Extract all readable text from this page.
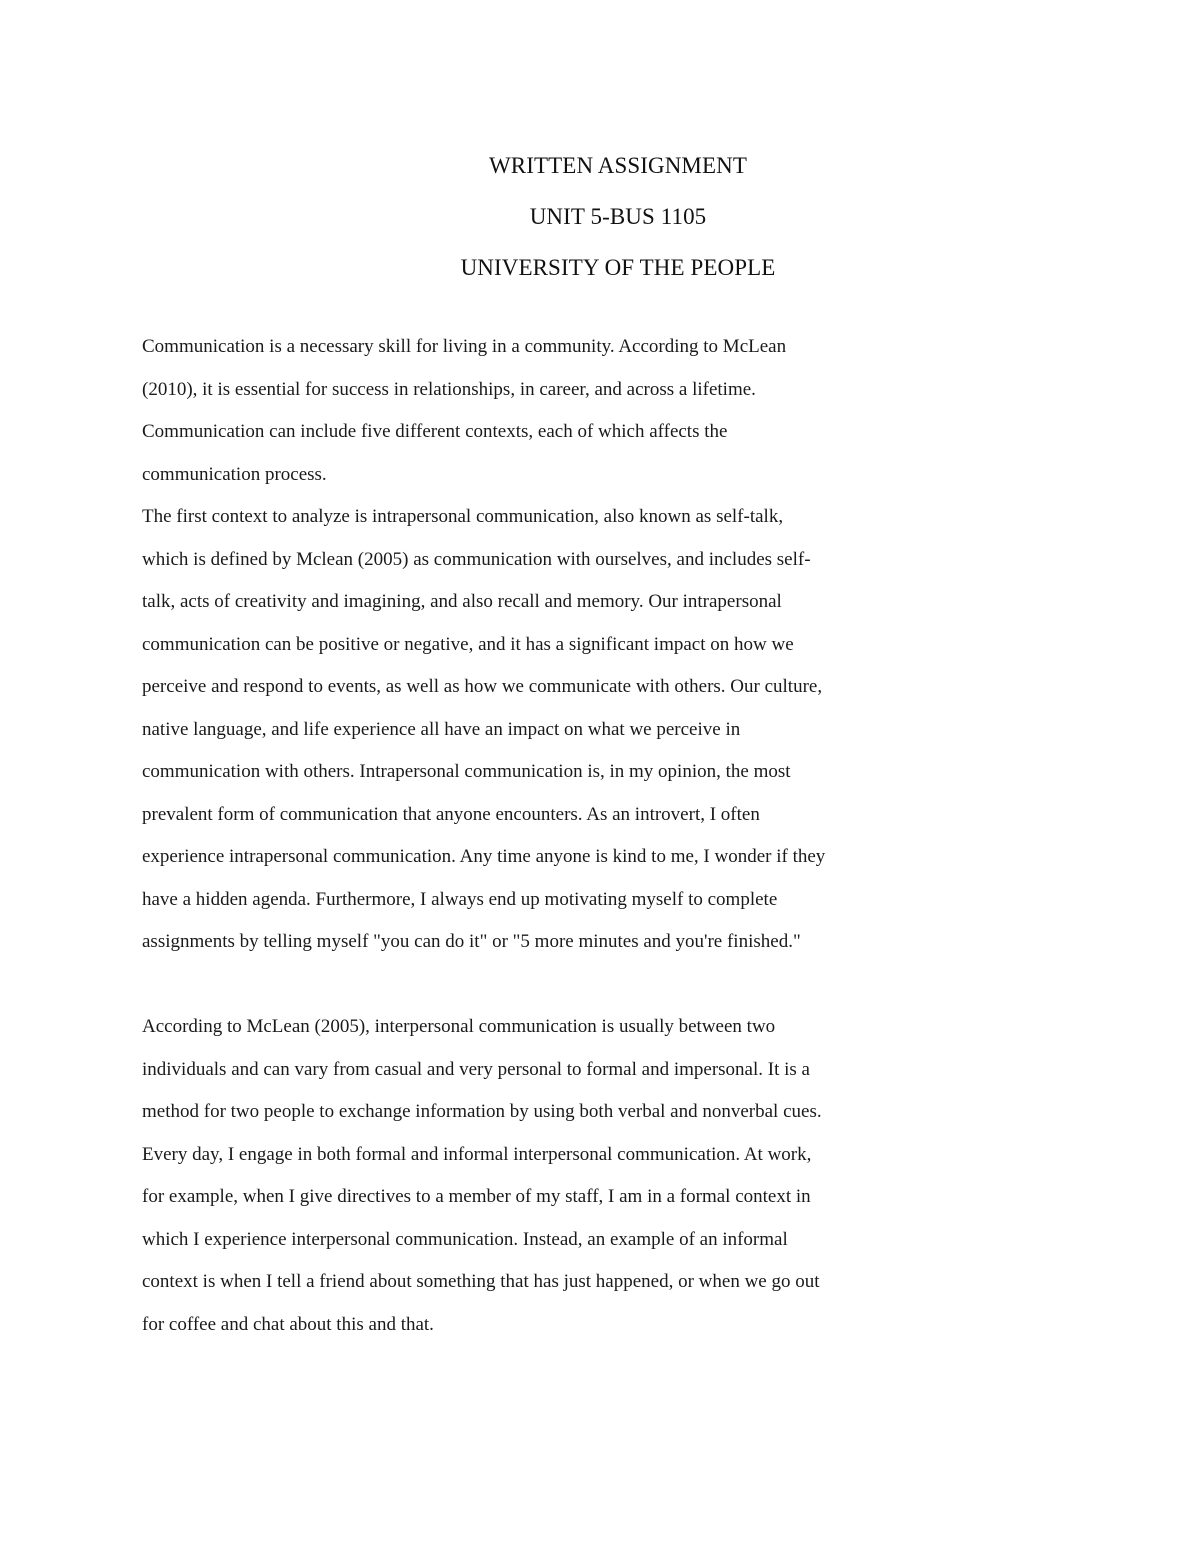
WRITTEN ASSIGNMENT
UNIT 5-BUS 1105
UNIVERSITY OF THE PEOPLE
Communication is a necessary skill for living in a community. According to McLean
(2010), it is essential for success in relationships, in career, and across a lifetime.
Communication can include five different contexts, each of which affects the
communication process.
The first context to analyze is intrapersonal communication, also known as self-talk,
which is defined by Mclean (2005) as communication with ourselves, and includes self-
talk, acts of creativity and imagining, and also recall and memory. Our intrapersonal
communication can be positive or negative, and it has a significant impact on how we
perceive and respond to events, as well as how we communicate with others. Our culture,
native language, and life experience all have an impact on what we perceive in
communication with others. Intrapersonal communication is, in my opinion, the most
prevalent form of communication that anyone encounters. As an introvert, I often
experience intrapersonal communication. Any time anyone is kind to me, I wonder if they
have a hidden agenda. Furthermore, I always end up motivating myself to complete
assignments by telling myself "you can do it" or "5 more minutes and you're finished."
According to McLean (2005), interpersonal communication is usually between two
individuals and can vary from casual and very personal to formal and impersonal. It is a
method for two people to exchange information by using both verbal and nonverbal cues.
Every day, I engage in both formal and informal interpersonal communication. At work,
for example, when I give directives to a member of my staff, I am in a formal context in
which I experience interpersonal communication. Instead, an example of an informal
context is when I tell a friend about something that has just happened, or when we go out
for coffee and chat about this and that.
